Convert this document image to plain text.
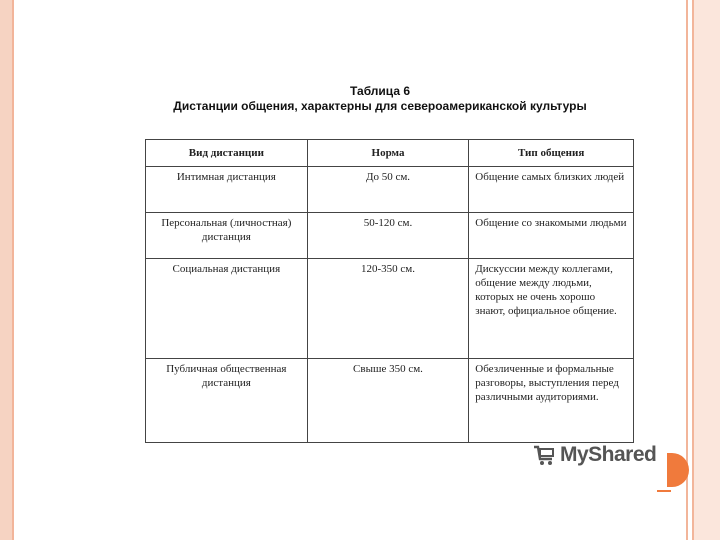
Таблица 6
Дистанции общения, характерны для североамериканской культуры
Вид дистанции	Норма	Тип общения
Интимная дистанция	До 50 см.	Общение самых близких людей
Персональная (личностная) дистанция	50-120 см.	Общение со знакомыми людьми
Социальная дистанция	120-350 см.	Дискуссии между коллегами, общение между людьми, которых не очень хорошо знают, официальное общение.
Публичная общественная дистанция	Свыше 350 см.	Обезличенные и формальные разговоры, выступления перед различными аудиториями.
MyShared
